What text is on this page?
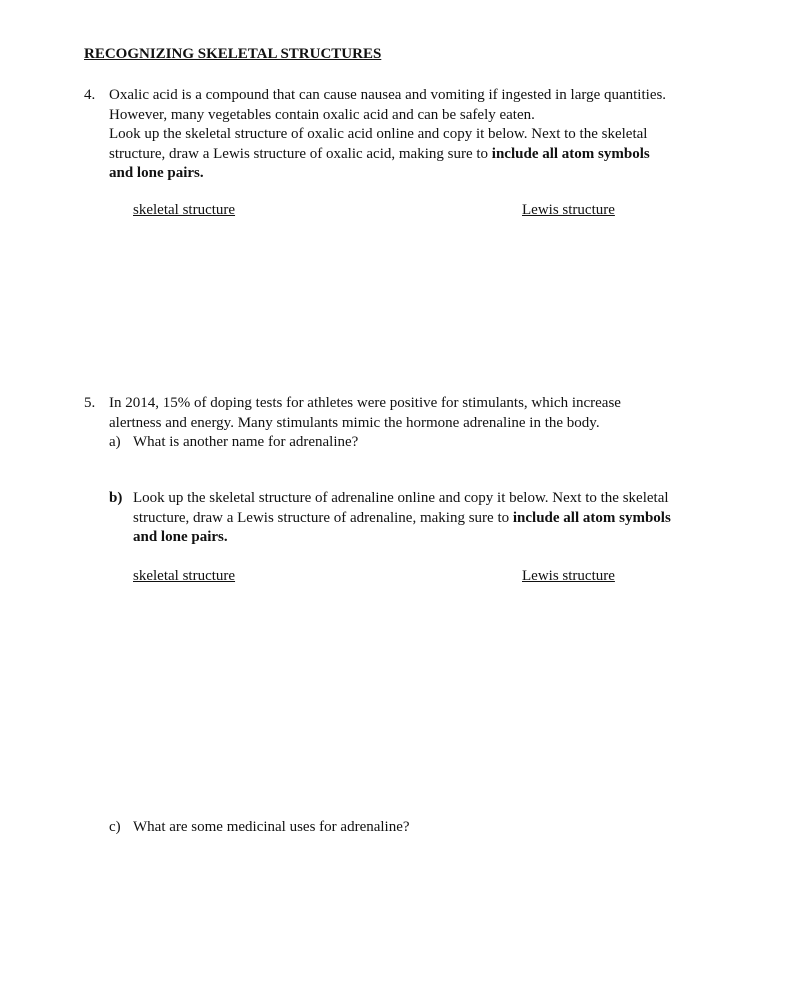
RECOGNIZING SKELETAL STRUCTURES
4. Oxalic acid is a compound that can cause nausea and vomiting if ingested in large quantities.

However, many vegetables contain oxalic acid and can be safely eaten.

Look up the skeletal structure of oxalic acid online and copy it below. Next to the skeletal

structure, draw a Lewis structure of oxalic acid, making sure to include all atom symbols

and lone pairs.

skeletal structure	Lewis structure
5. In 2014, 15% of doping tests for athletes were positive for stimulants, which increase

alertness and energy. Many stimulants mimic the hormone adrenaline in the body.

a) What is another name for adrenaline?
b) Look up the skeletal structure of adrenaline online and copy it below. Next to the skeletal

structure, draw a Lewis structure of adrenaline, making sure to include all atom symbols

and lone pairs.

skeletal structure	Lewis structure
c) What are some medicinal uses for adrenaline?
